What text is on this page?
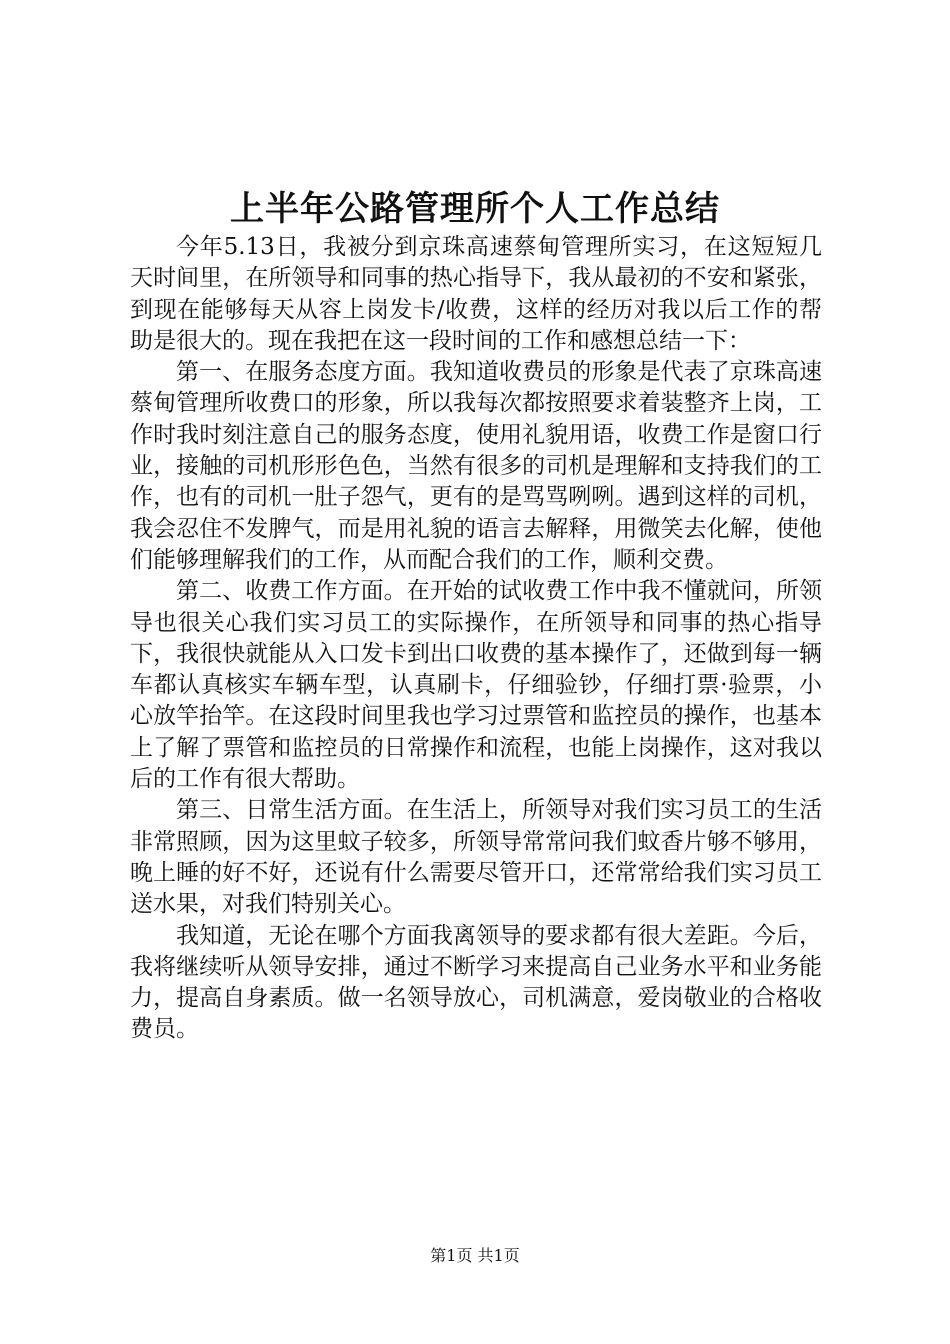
上半年公路管理所个人工作总结

今年5.13日，我被分到京珠高速蔡甸管理所实习，在这短短几天时间里，在所领导和同事的热心指导下，我从最初的不安和紧张，到现在能够每天从容上岗发卡/收费，这样的经历对我以后工作的帮助是很大的。现在我把在这一段时间的工作和感想总结一下：

第一、在服务态度方面。我知道收费员的形象是代表了京珠高速蔡甸管理所收费口的形象，所以我每次都按照要求着装整齐上岗，工作时我时刻注意自己的服务态度，使用礼貌用语，收费工作是窗口行业，接触的司机形形色色，当然有很多的司机是理解和支持我们的工作，也有的司机一肚子怨气，更有的是骂骂咧咧。遇到这样的司机，我会忍住不发脾气，而是用礼貌的语言去解释，用微笑去化解，使他们能够理解我们的工作，从而配合我们的工作，顺利交费。

第二、收费工作方面。在开始的试收费工作中我不懂就问，所领导也很关心我们实习员工的实际操作，在所领导和同事的热心指导下，我很快就能从入口发卡到出口收费的基本操作了，还做到每一辆车都认真核实车辆车型，认真刷卡，仔细验钞，仔细打票·验票，小心放竿抬竿。在这段时间里我也学习过票管和监控员的操作，也基本上了解了票管和监控员的日常操作和流程，也能上岗操作，这对我以后的工作有很大帮助。

第三、日常生活方面。在生活上，所领导对我们实习员工的生活非常照顾，因为这里蚊子较多，所领导常常问我们蚊香片够不够用，晚上睡的好不好，还说有什么需要尽管开口，还常常给我们实习员工送水果，对我们特别关心。

我知道，无论在哪个方面我离领导的要求都有很大差距。今后，我将继续听从领导安排，通过不断学习来提高自己业务水平和业务能力，提高自身素质。做一名领导放心，司机满意，爱岗敬业的合格收费员。

第1页 共1页
